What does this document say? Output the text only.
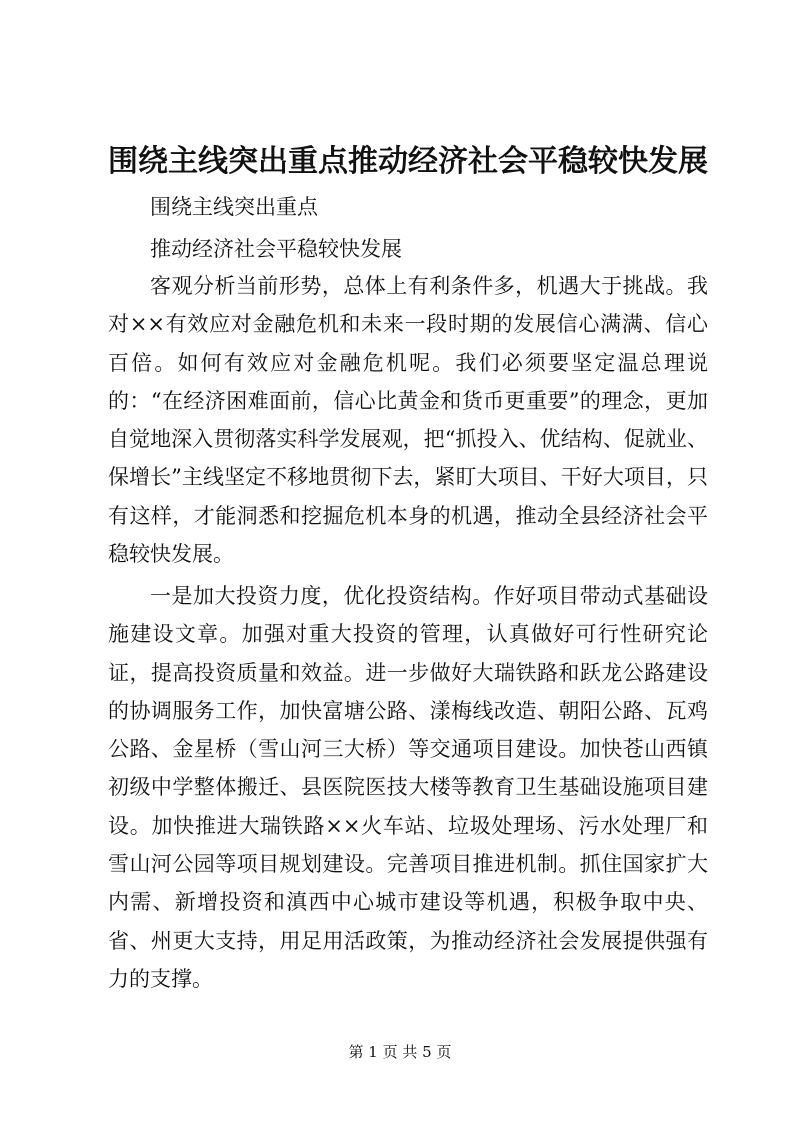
围绕主线突出重点推动经济社会平稳较快发展
围绕主线突出重点
推动经济社会平稳较快发展

客观分析当前形势，总体上有利条件多，机遇大于挑战。我对××有效应对金融危机和未来一段时期的发展信心满满、信心百倍。如何有效应对金融危机呢。我们必须要坚定温总理说的：“在经济困难面前，信心比黄金和货币更重要”的理念，更加自觉地深入贯彻落实科学发展观，把“抓投入、优结构、促就业、保增长”主线坚定不移地贯彻下去，紧盯大项目、干好大项目，只有这样，才能洞悉和挖掘危机本身的机遇，推动全县经济社会平稳较快发展。

一是加大投资力度，优化投资结构。作好项目带动式基础设施建设文章。加强对重大投资的管理，认真做好可行性研究论证，提高投资质量和效益。进一步做好大瑞铁路和跃龙公路建设的协调服务工作，加快富塘公路、漾梅线改造、朝阳公路、瓦鸡公路、金星桥（雪山河三大桥）等交通项目建设。加快苍山西镇初级中学整体搬迁、县医院医技大楼等教育卫生基础设施项目建设。加快推进大瑞铁路××火车站、垃圾处理场、污水处理厂和雪山河公园等项目规划建设。完善项目推进机制。抓住国家扩大内需、新增投资和滇西中心城市建设等机遇，积极争取中央、省、州更大支持，用足用活政策，为推动经济社会发展提供强有力的支撑。

第 1 页 共 5 页
